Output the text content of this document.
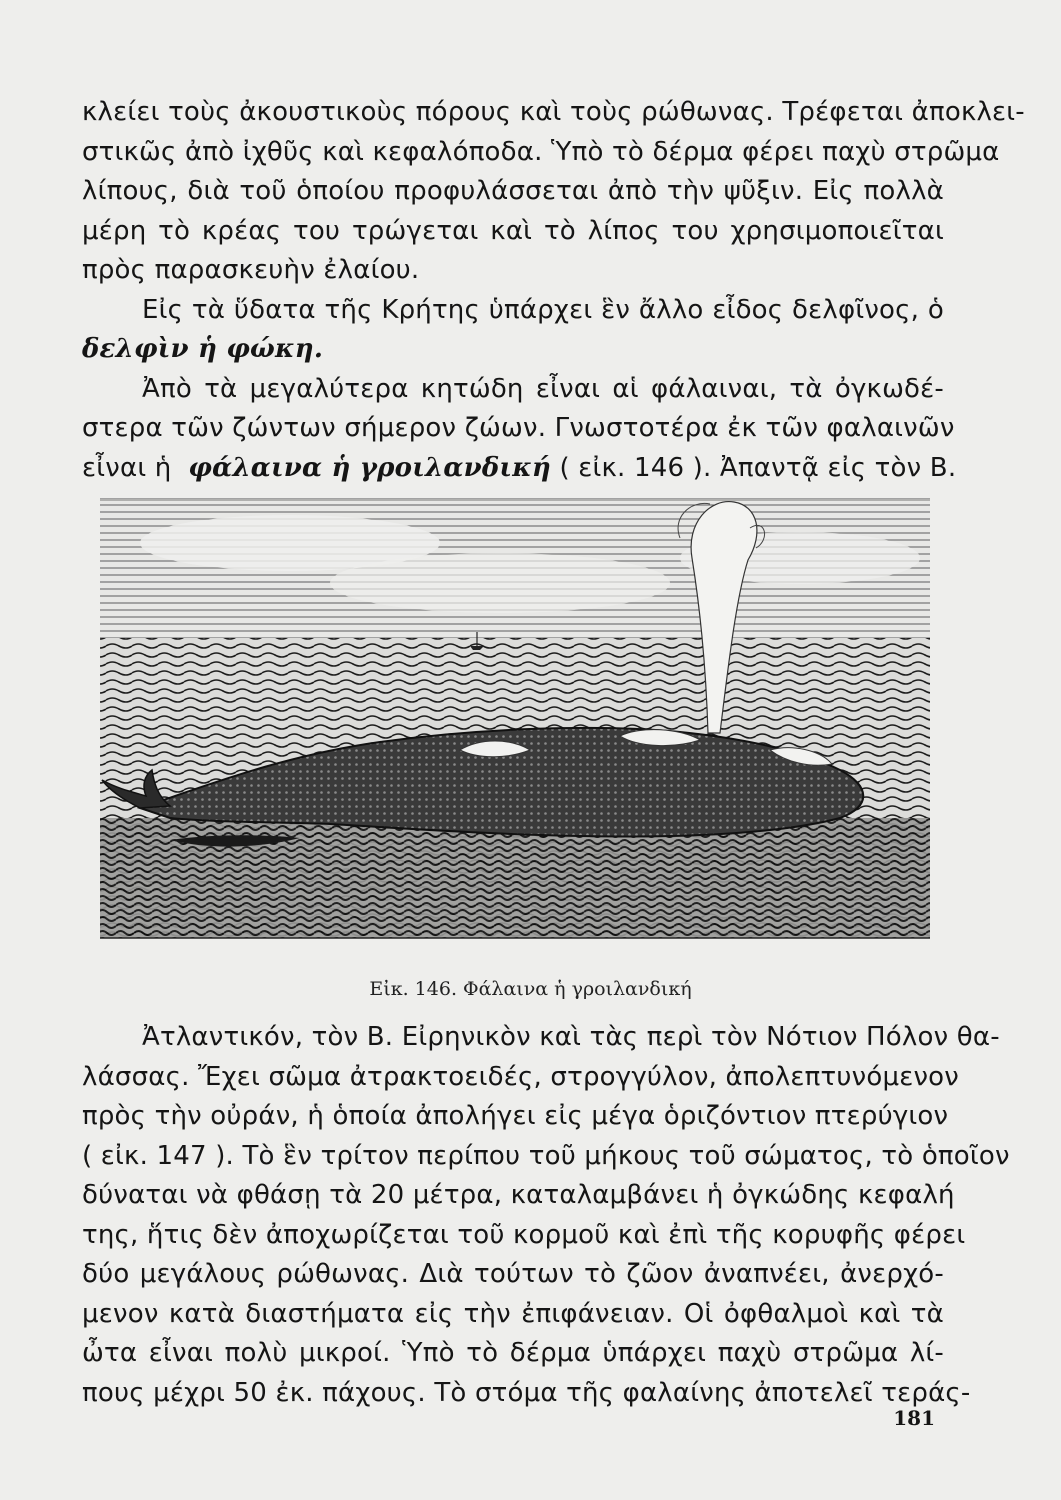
κλείει τοὺς ἀκουστικοὺς πόρους καὶ τοὺς ρώθωνας. Τρέφεται ἀποκλει-
στικῶς ἀπὸ ἰχθῦς καὶ κεφαλόποδα. Ὑπὸ τὸ δέρμα φέρει παχὺ στρῶμα
λίπους, διὰ τοῦ ὁποίου προφυλάσσεται ἀπὸ τὴν ψῦξιν. Εἰς πολλὰ
μέρη τὸ κρέας του τρώγεται καὶ τὸ λίπος του χρησιμοποιεῖται
πρὸς παρασκευὴν ἐλαίου.
Εἰς τὰ ὕδατα τῆς Κρήτης ὑπάρχει ἓν ἄλλο εἶδος δελφῖνος, ὁ
δελφὶν ἡ φώκη.
Ἀπὸ τὰ μεγαλύτερα κητώδη εἶναι αἱ φάλαιναι, τὰ ὀγκωδέ-
στερα τῶν ζώντων σήμερον ζώων. Γνωστοτέρα ἐκ τῶν φαλαινῶν
εἶναι ἡ φάλαινα ἡ γροιλανδική ( εἰκ. 146 ). Ἀπαντᾷ εἰς τὸν Β.
Εἰκ. 146. Φάλαινα ἡ γροιλανδική
Ἀτλαντικόν, τὸν Β. Εἰρηνικὸν καὶ τὰς περὶ τὸν Νότιον Πόλον θα-
λάσσας. Ἔχει σῶμα ἀτρακτοειδές, στρογγύλον, ἀπολεπτυνόμενον
πρὸς τὴν οὐράν, ἡ ὁποία ἀπολήγει εἰς μέγα ὁριζόντιον πτερύγιον
( εἰκ. 147 ). Τὸ ἓν τρίτον περίπου τοῦ μήκους τοῦ σώματος, τὸ ὁποῖον
δύναται νὰ φθάσῃ τὰ 20 μέτρα, καταλαμβάνει ἡ ὀγκώδης κεφαλή
της, ἥτις δὲν ἀποχωρίζεται τοῦ κορμοῦ καὶ ἐπὶ τῆς κορυφῆς φέρει
δύο μεγάλους ρώθωνας. Διὰ τούτων τὸ ζῶον ἀναπνέει, ἀνερχό-
μενον κατὰ διαστήματα εἰς τὴν ἐπιφάνειαν. Οἱ ὀφθαλμοὶ καὶ τὰ
ὦτα εἶναι πολὺ μικροί. Ὑπὸ τὸ δέρμα ὑπάρχει παχὺ στρῶμα λί-
πους μέχρι 50 ἐκ. πάχους. Τὸ στόμα τῆς φαλαίνης ἀποτελεῖ τεράς-
181
